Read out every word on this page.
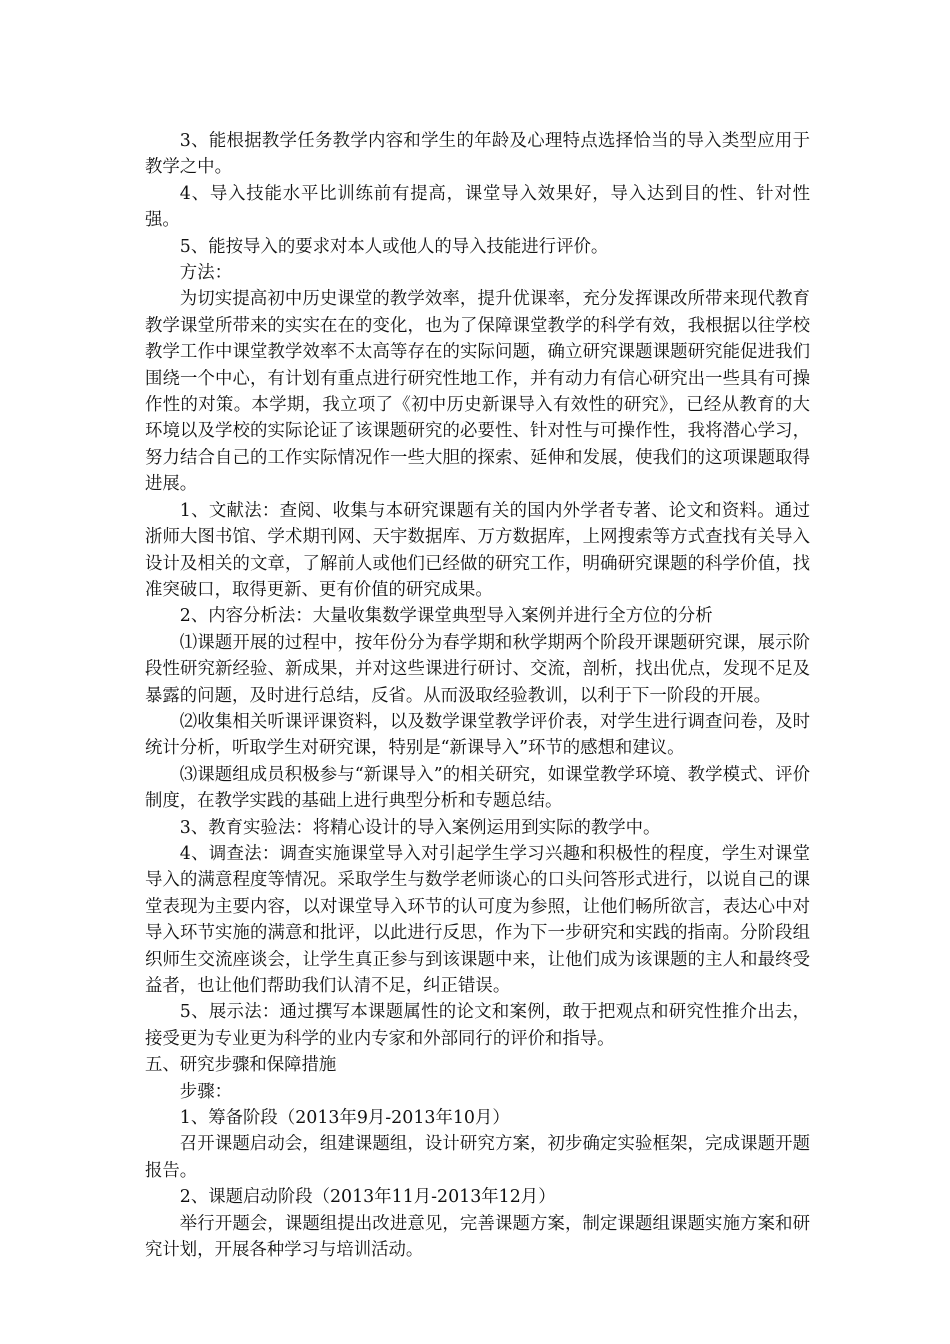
3、能根据教学任务教学内容和学生的年龄及心理特点选择恰当的导入类型应用于教学之中。

4、导入技能水平比训练前有提高，课堂导入效果好，导入达到目的性、针对性强。

5、能按导入的要求对本人或他人的导入技能进行评价。

方法：

为切实提高初中历史课堂的教学效率，提升优课率，充分发挥课改所带来现代教育教学课堂所带来的实实在在的变化，也为了保障课堂教学的科学有效，我根据以往学校教学工作中课堂教学效率不太高等存在的实际问题，确立研究课题课题研究能促进我们围绕一个中心，有计划有重点进行研究性地工作，并有动力有信心研究出一些具有可操作性的对策。本学期，我立项了《初中历史新课导入有效性的研究》，已经从教育的大环境以及学校的实际论证了该课题研究的必要性、针对性与可操作性，我将潜心学习，努力结合自己的工作实际情况作一些大胆的探索、延伸和发展，使我们的这项课题取得进展。

1、文献法：查阅、收集与本研究课题有关的国内外学者专著、论文和资料。通过浙师大图书馆、学术期刊网、天宇数据库、万方数据库，上网搜索等方式查找有关导入设计及相关的文章，了解前人或他们已经做的研究工作，明确研究课题的科学价值，找准突破口，取得更新、更有价值的研究成果。

2、内容分析法：大量收集数学课堂典型导入案例并进行全方位的分析

⑴课题开展的过程中，按年份分为春学期和秋学期两个阶段开课题研究课，展示阶段性研究新经验、新成果，并对这些课进行研讨、交流，剖析，找出优点，发现不足及暴露的问题，及时进行总结，反省。从而汲取经验教训，以利于下一阶段的开展。

⑵收集相关听课评课资料，以及数学课堂教学评价表，对学生进行调查问卷，及时统计分析，听取学生对研究课，特别是“新课导入”环节的感想和建议。

⑶课题组成员积极参与“新课导入”的相关研究，如课堂教学环境、教学模式、评价制度，在教学实践的基础上进行典型分析和专题总结。

3、教育实验法：将精心设计的导入案例运用到实际的教学中。

4、调查法：调查实施课堂导入对引起学生学习兴趣和积极性的程度，学生对课堂导入的满意程度等情况。采取学生与数学老师谈心的口头问答形式进行，以说自己的课堂表现为主要内容，以对课堂导入环节的认可度为参照，让他们畅所欲言，表达心中对导入环节实施的满意和批评，以此进行反思，作为下一步研究和实践的指南。分阶段组织师生交流座谈会，让学生真正参与到该课题中来，让他们成为该课题的主人和最终受益者，也让他们帮助我们认清不足，纠正错误。

5、展示法：通过撰写本课题属性的论文和案例，敢于把观点和研究性推介出去，接受更为专业更为科学的业内专家和外部同行的评价和指导。

五、研究步骤和保障措施

步骤：

1、筹备阶段（2013年9月-2013年10月）

召开课题启动会，组建课题组，设计研究方案，初步确定实验框架，完成课题开题报告。

2、课题启动阶段（2013年11月-2013年12月）

举行开题会，课题组提出改进意见，完善课题方案，制定课题组课题实施方案和研究计划，开展各种学习与培训活动。
